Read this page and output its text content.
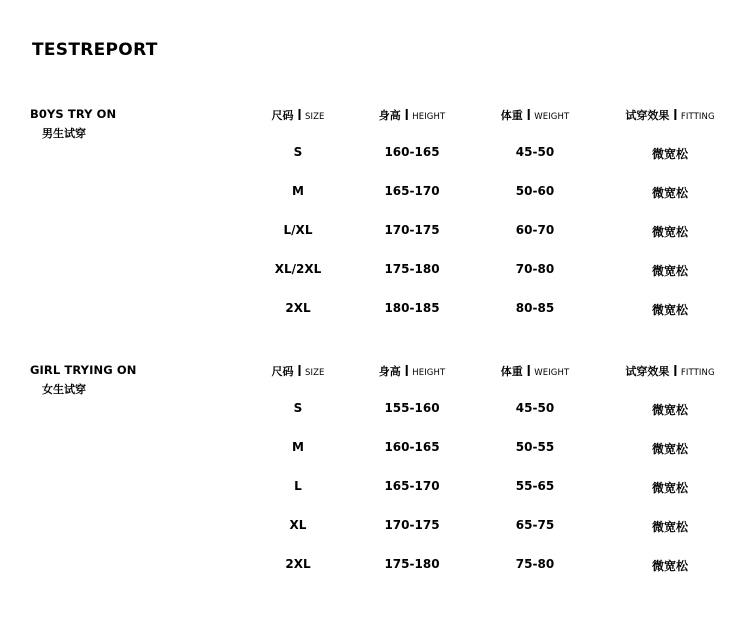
TESTREPORT
B0YS TRY ON
男生试穿
尺码 SIZE	身高 HEIGHT	体重 WEIGHT	试穿效果 FITTING
S	160-165	45-50	微宽松
M	165-170	50-60	微宽松
L/XL	170-175	60-70	微宽松
XL/2XL	175-180	70-80	微宽松
2XL	180-185	80-85	微宽松
GIRL TRYING ON
女生试穿
尺码 SIZE	身高 HEIGHT	体重 WEIGHT	试穿效果 FITTING
S	155-160	45-50	微宽松
M	160-165	50-55	微宽松
L	165-170	55-65	微宽松
XL	170-175	65-75	微宽松
2XL	175-180	75-80	微宽松
